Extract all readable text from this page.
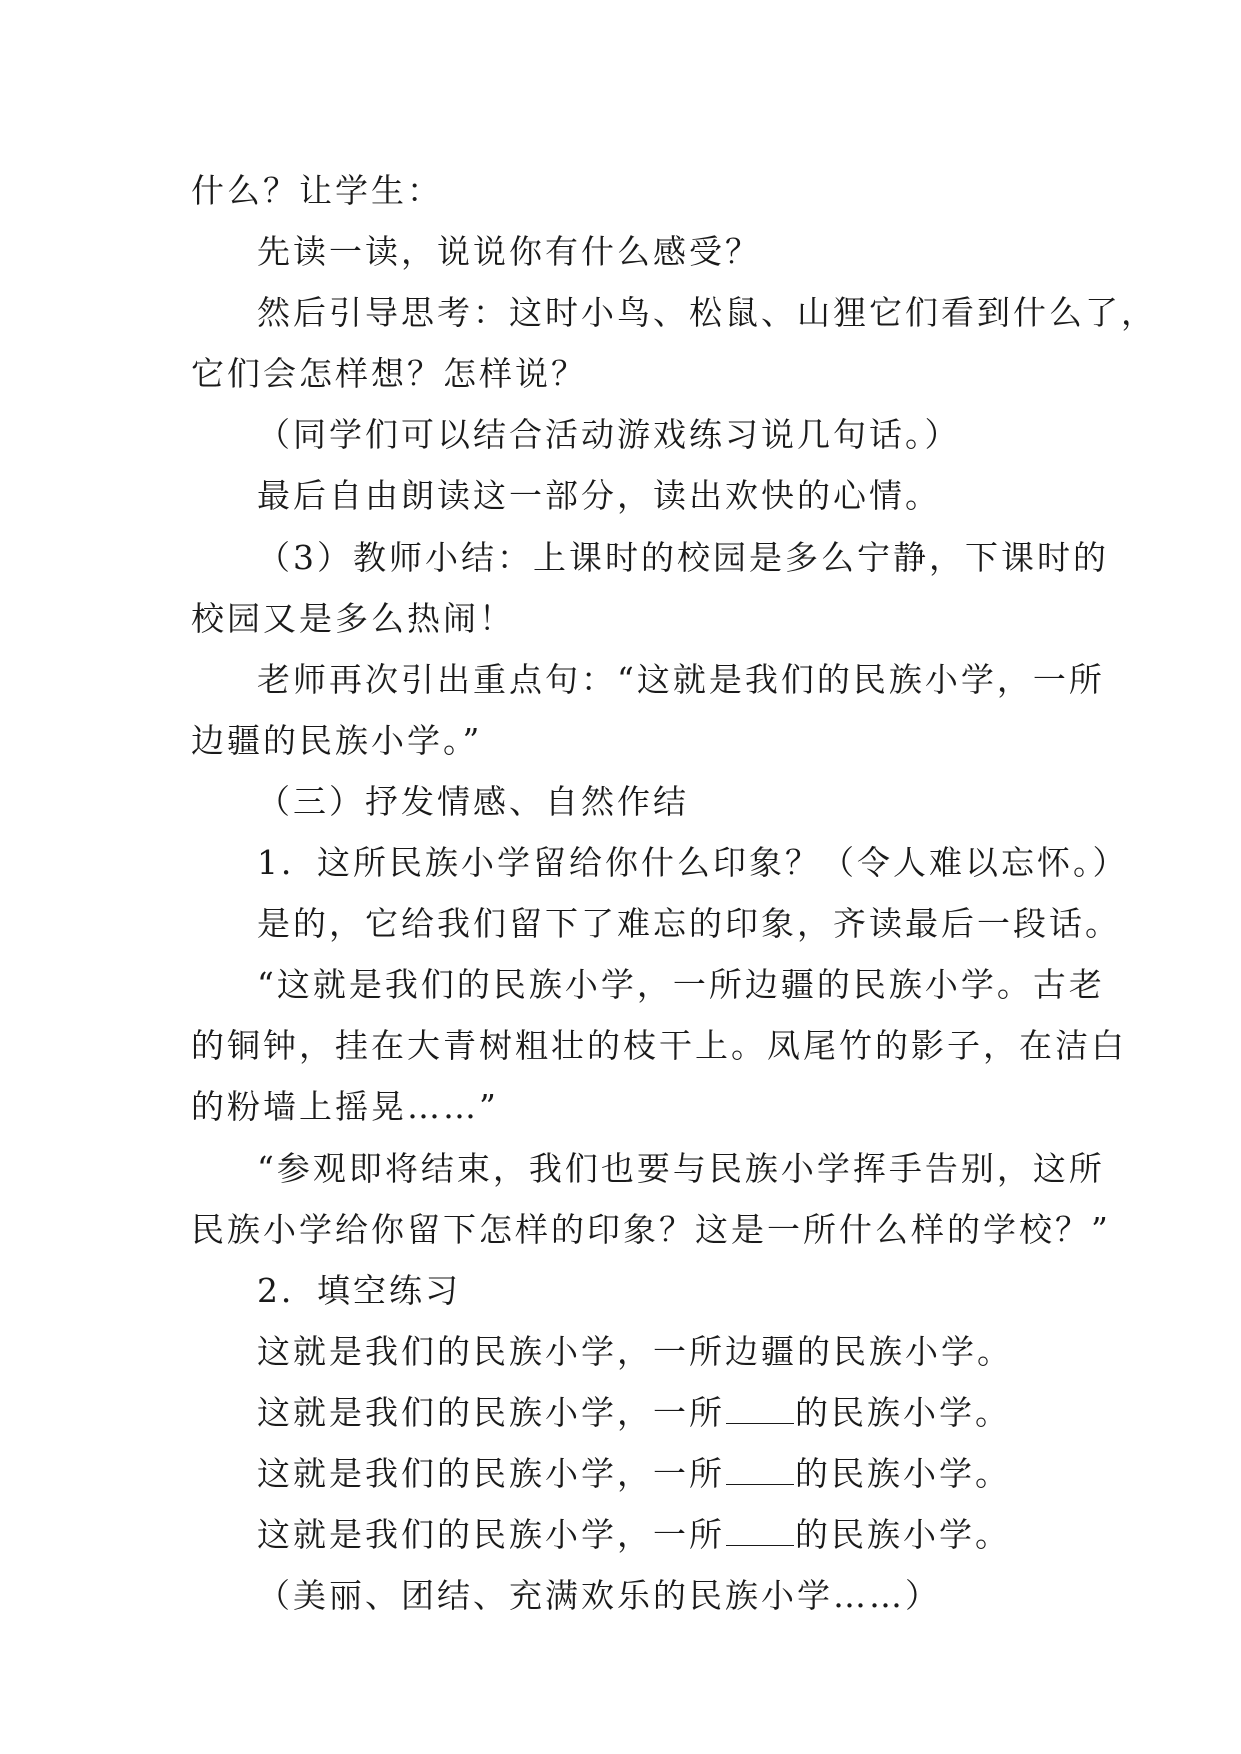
什么？让学生：
先读一读，说说你有什么感受？
然后引导思考：这时小鸟、松鼠、山狸它们看到什么了，
它们会怎样想？怎样说？
（同学们可以结合活动游戏练习说几句话。）
最后自由朗读这一部分，读出欢快的心情。
（3）教师小结：上课时的校园是多么宁静，下课时的
校园又是多么热闹！
老师再次引出重点句：“这就是我们的民族小学，一所
边疆的民族小学。”
（三）抒发情感、自然作结
1．这所民族小学留给你什么印象？（令人难以忘怀。）
是的，它给我们留下了难忘的印象，齐读最后一段话。
“这就是我们的民族小学，一所边疆的民族小学。古老
的铜钟，挂在大青树粗壮的枝干上。凤尾竹的影子，在洁白
的粉墙上摇晃……”
“参观即将结束，我们也要与民族小学挥手告别，这所
民族小学给你留下怎样的印象？这是一所什么样的学校？”
2．填空练习
这就是我们的民族小学，一所边疆的民族小学。
这就是我们的民族小学，一所 的民族小学。
这就是我们的民族小学，一所 的民族小学。
这就是我们的民族小学，一所 的民族小学。
（美丽、团结、充满欢乐的民族小学……）
